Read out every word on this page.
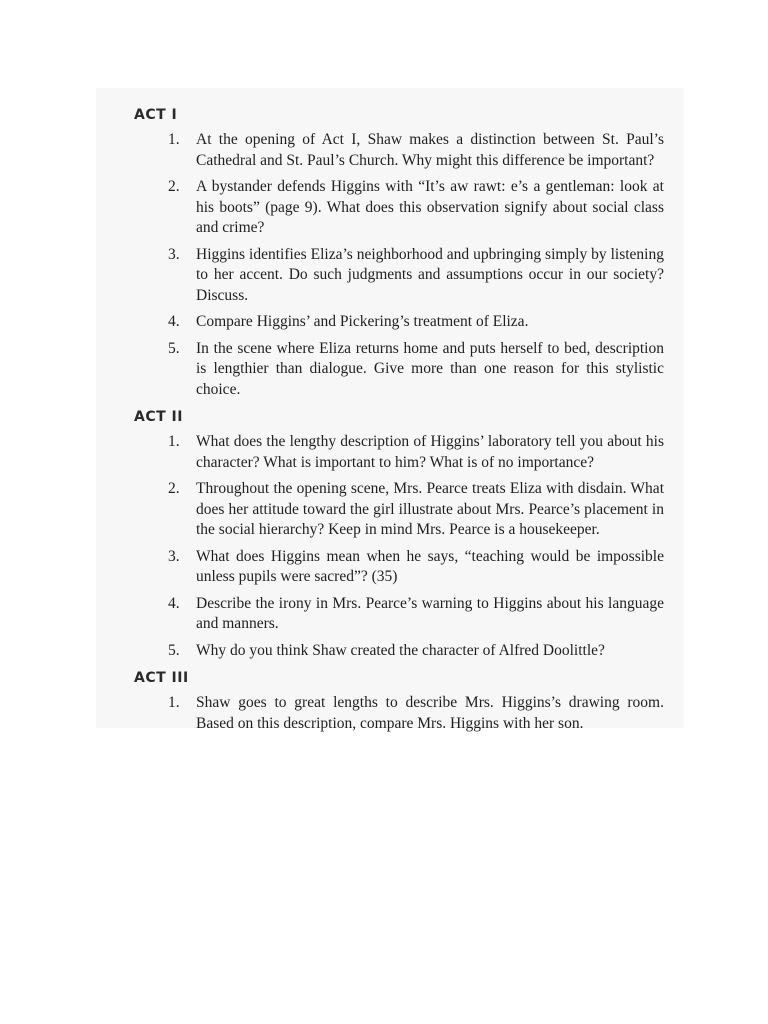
ACT I
1.	At the opening of Act I, Shaw makes a distinction between St. Paul’s Cathedral and St. Paul’s Church. Why might this difference be important?
2.	A bystander defends Higgins with “It’s aw rawt: e’s a gentleman: look at his boots” (page 9). What does this observation signify about social class and crime?
3.	Higgins identifies Eliza’s neighborhood and upbringing simply by listening to her accent. Do such judgments and assumptions occur in our society? Discuss.
4.	Compare Higgins’ and Pickering’s treatment of Eliza.
5.	In the scene where Eliza returns home and puts herself to bed, description is lengthier than dialogue. Give more than one reason for this stylistic choice.
ACT II
1.	What does the lengthy description of Higgins’ laboratory tell you about his character? What is important to him? What is of no importance?
2.	Throughout the opening scene, Mrs. Pearce treats Eliza with disdain. What does her attitude toward the girl illustrate about Mrs. Pearce’s placement in the social hierarchy? Keep in mind Mrs. Pearce is a housekeeper.
3.	What does Higgins mean when he says, “teaching would be impossible unless pupils were sacred”? (35)
4.	Describe the irony in Mrs. Pearce’s warning to Higgins about his language and manners.
5.	Why do you think Shaw created the character of Alfred Doolittle?
ACT III
1.	Shaw goes to great lengths to describe Mrs. Higgins’s drawing room. Based on this description, compare Mrs. Higgins with her son.
